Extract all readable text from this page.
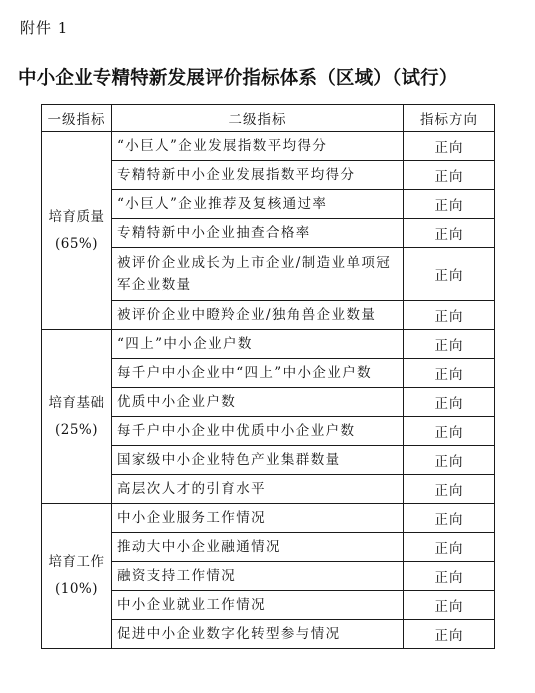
附件 1
中小企业专精特新发展评价指标体系（区域）（试行）
一级指标	二级指标	指标方向

培育质量
(65%)	“小巨人”企业发展指数平均得分	正向
	专精特新中小企业发展指数平均得分	正向
	“小巨人”企业推荐及复核通过率	正向
	专精特新中小企业抽查合格率	正向
	被评价企业成长为上市企业/制造业单项冠军企业数量	正向
	被评价企业中瞪羚企业/独角兽企业数量	正向

培育基础
(25%)	“四上”中小企业户数	正向
	每千户中小企业中“四上”中小企业户数	正向
	优质中小企业户数	正向
	每千户中小企业中优质中小企业户数	正向
	国家级中小企业特色产业集群数量	正向
	高层次人才的引育水平	正向

培育工作
(10%)	中小企业服务工作情况	正向
	推动大中小企业融通情况	正向
	融资支持工作情况	正向
	中小企业就业工作情况	正向
	促进中小企业数字化转型参与情况	正向
